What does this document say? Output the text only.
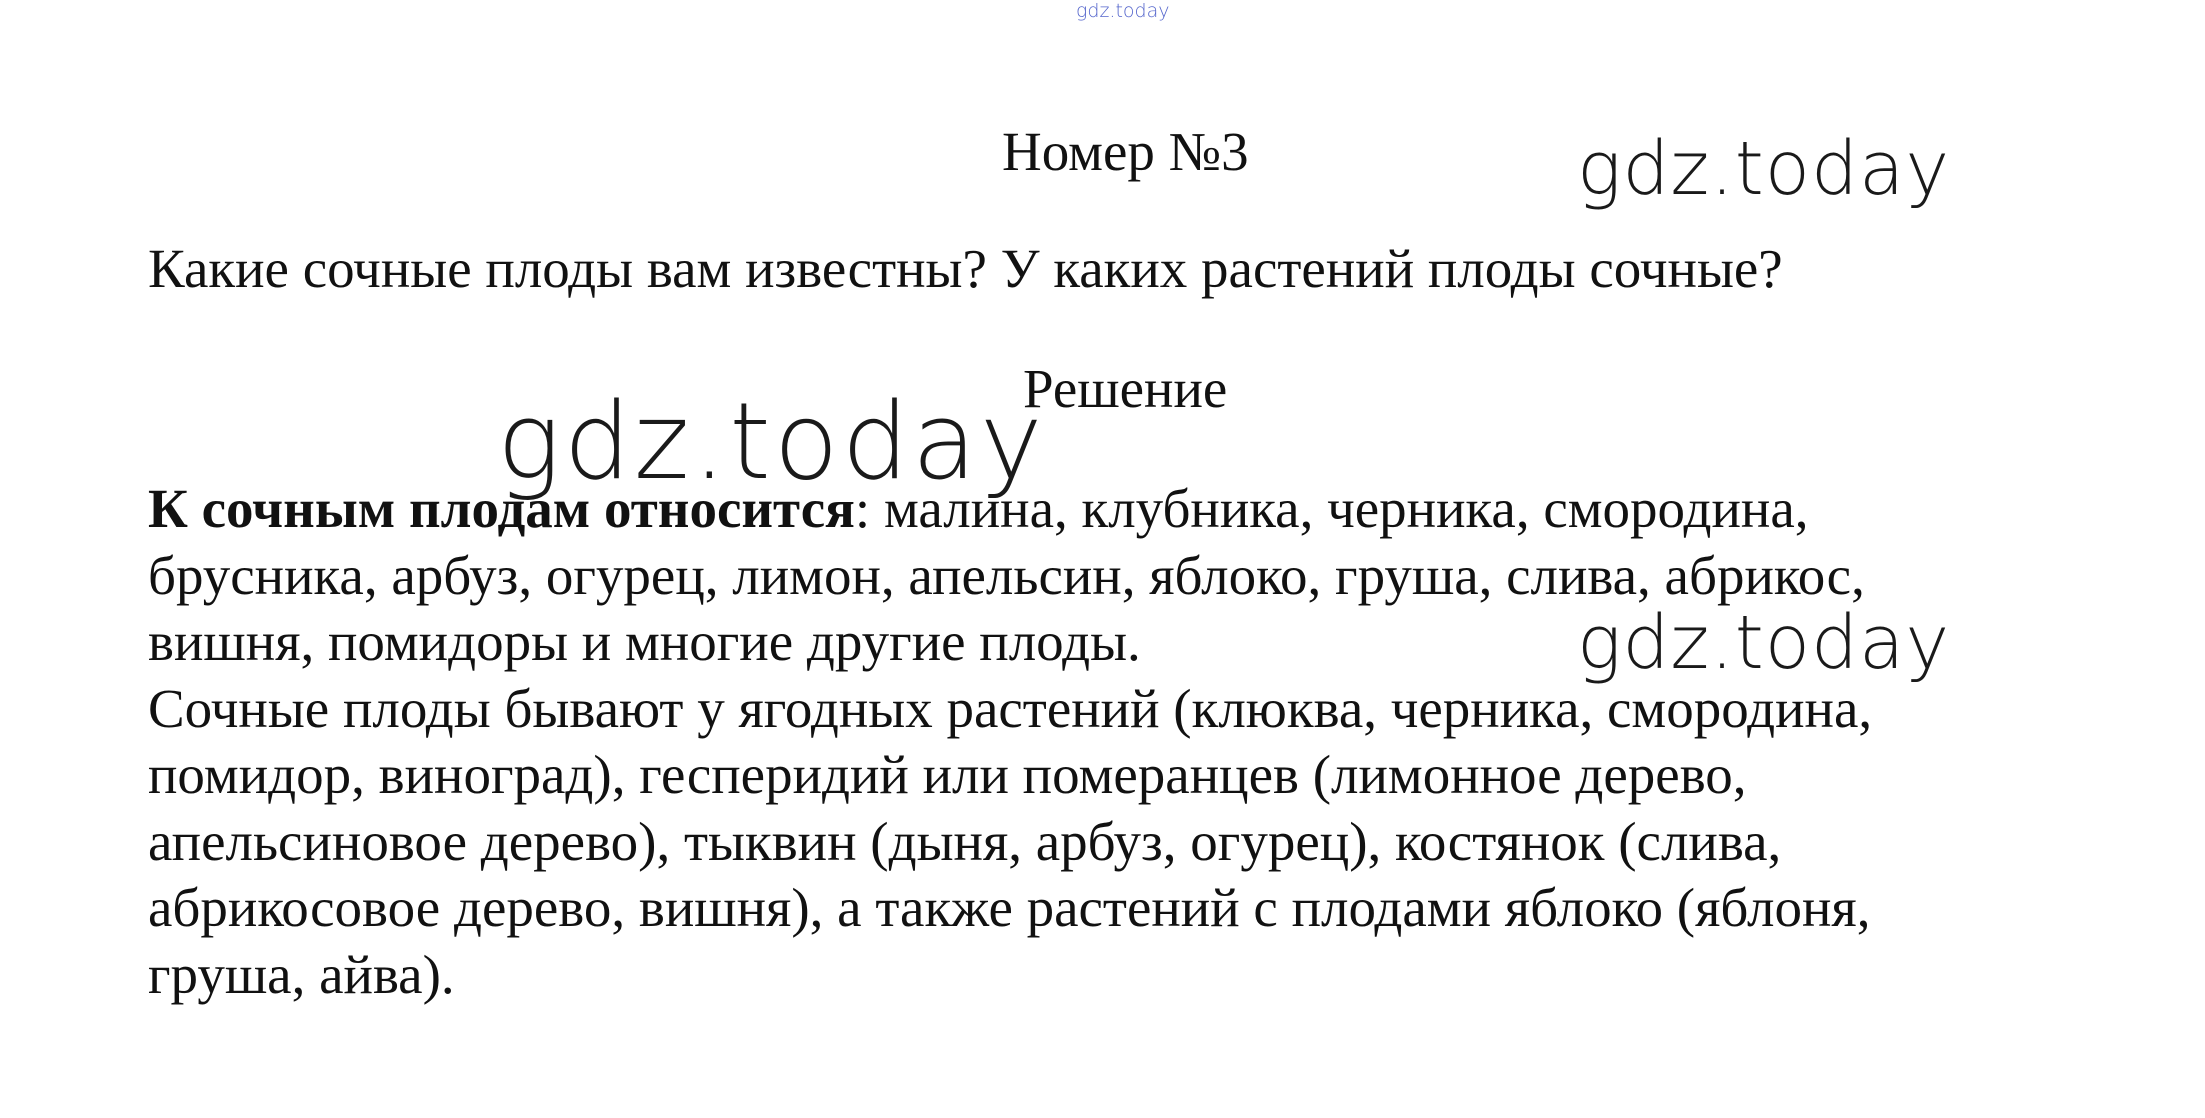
gdz.today
Номер №3	gdz.today
Какие сочные плоды вам известны? У каких растений плоды сочные?
gdz.today
Решение
К сочным плодам относится: малина, клубника, черника, смородина,
брусника, арбуз, огурец, лимон, апельсин, яблоко, груша, слива, абрикос,
вишня, помидоры и многие другие плоды.
Сочные плоды бывают у ягодных растений (клюква, черника, смородина,
помидор, виноград), гесперидий или померанцев (лимонное дерево,
апельсиновое дерево), тыквин (дыня, арбуз, огурец), костянок (слива,
абрикосовое дерево, вишня), а также растений с плодами яблоко (яблоня,
груша, айва).
gdz.today
